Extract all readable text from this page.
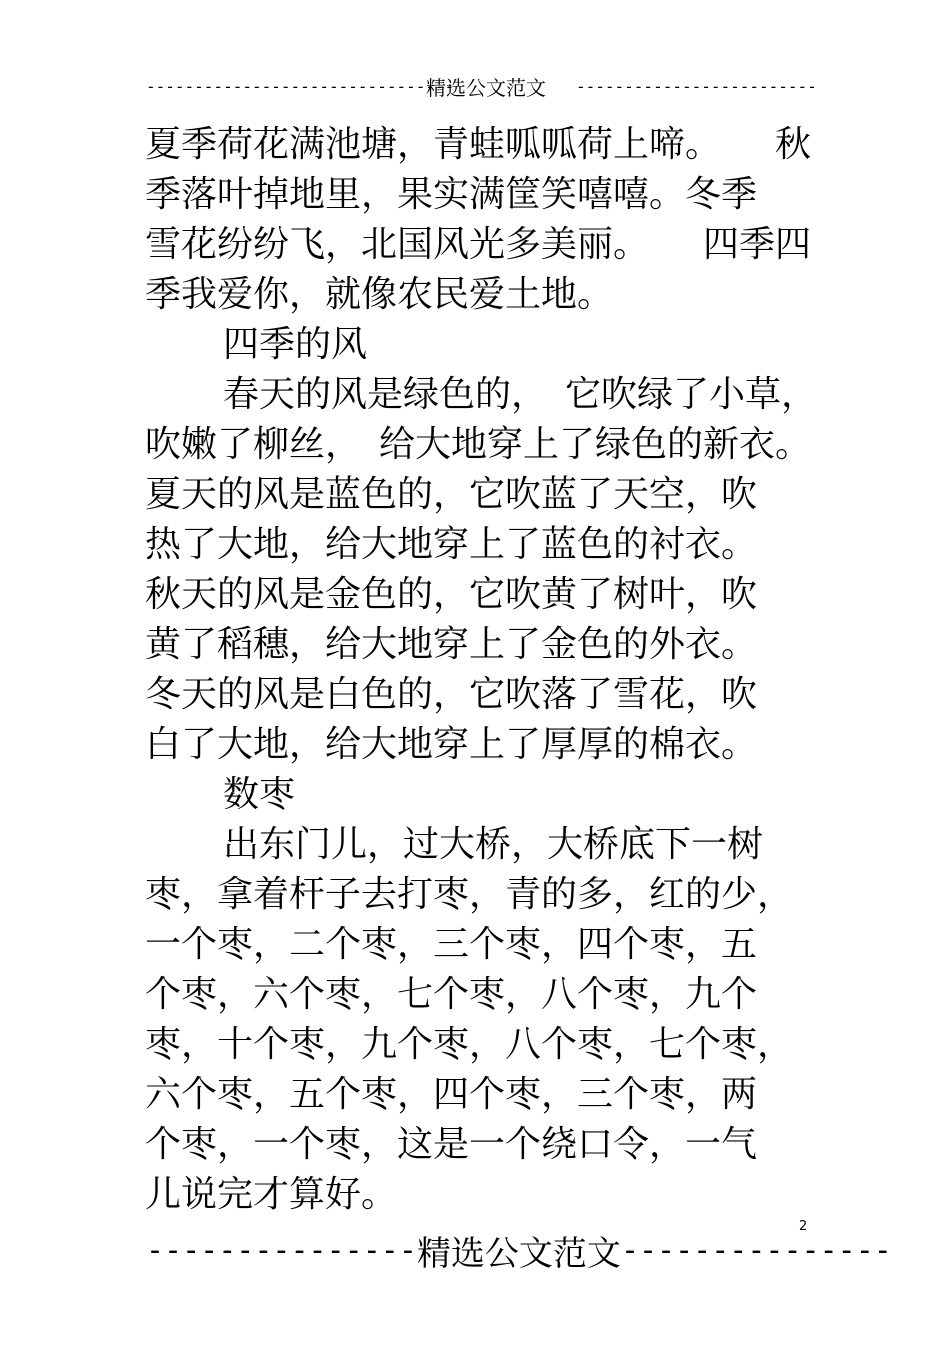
--------------------------------
精选公文范文 -------------------------
夏季荷花满池塘，青蛙呱呱荷上啼。　　秋
季落叶掉地里，果实满筐笑嘻嘻。冬季
雪花纷纷飞，北国风光多美丽。　　四季四
季我爱你，就像农民爱土地。
四季的风
春天的风是绿色的，　它吹绿了小草，
吹嫩了柳丝，　给大地穿上了绿色的新衣。
夏天的风是蓝色的，它吹蓝了天空，吹
热了大地，给大地穿上了蓝色的衬衣。
秋天的风是金色的，它吹黄了树叶，吹
黄了稻穗，给大地穿上了金色的外衣。
冬天的风是白色的，它吹落了雪花，吹
白了大地，给大地穿上了厚厚的棉衣。
数枣
出东门儿，过大桥，大桥底下一树
枣，拿着杆子去打枣，青的多，红的少，
一个枣，二个枣，三个枣，四个枣，五
个枣，六个枣，七个枣，八个枣，九个
枣，十个枣，九个枣，八个枣，七个枣，
六个枣，五个枣，四个枣，三个枣，两
个枣，一个枣，这是一个绕口令，一气
儿说完才算好。
2
--------------- 精选公文范文 ---------------
